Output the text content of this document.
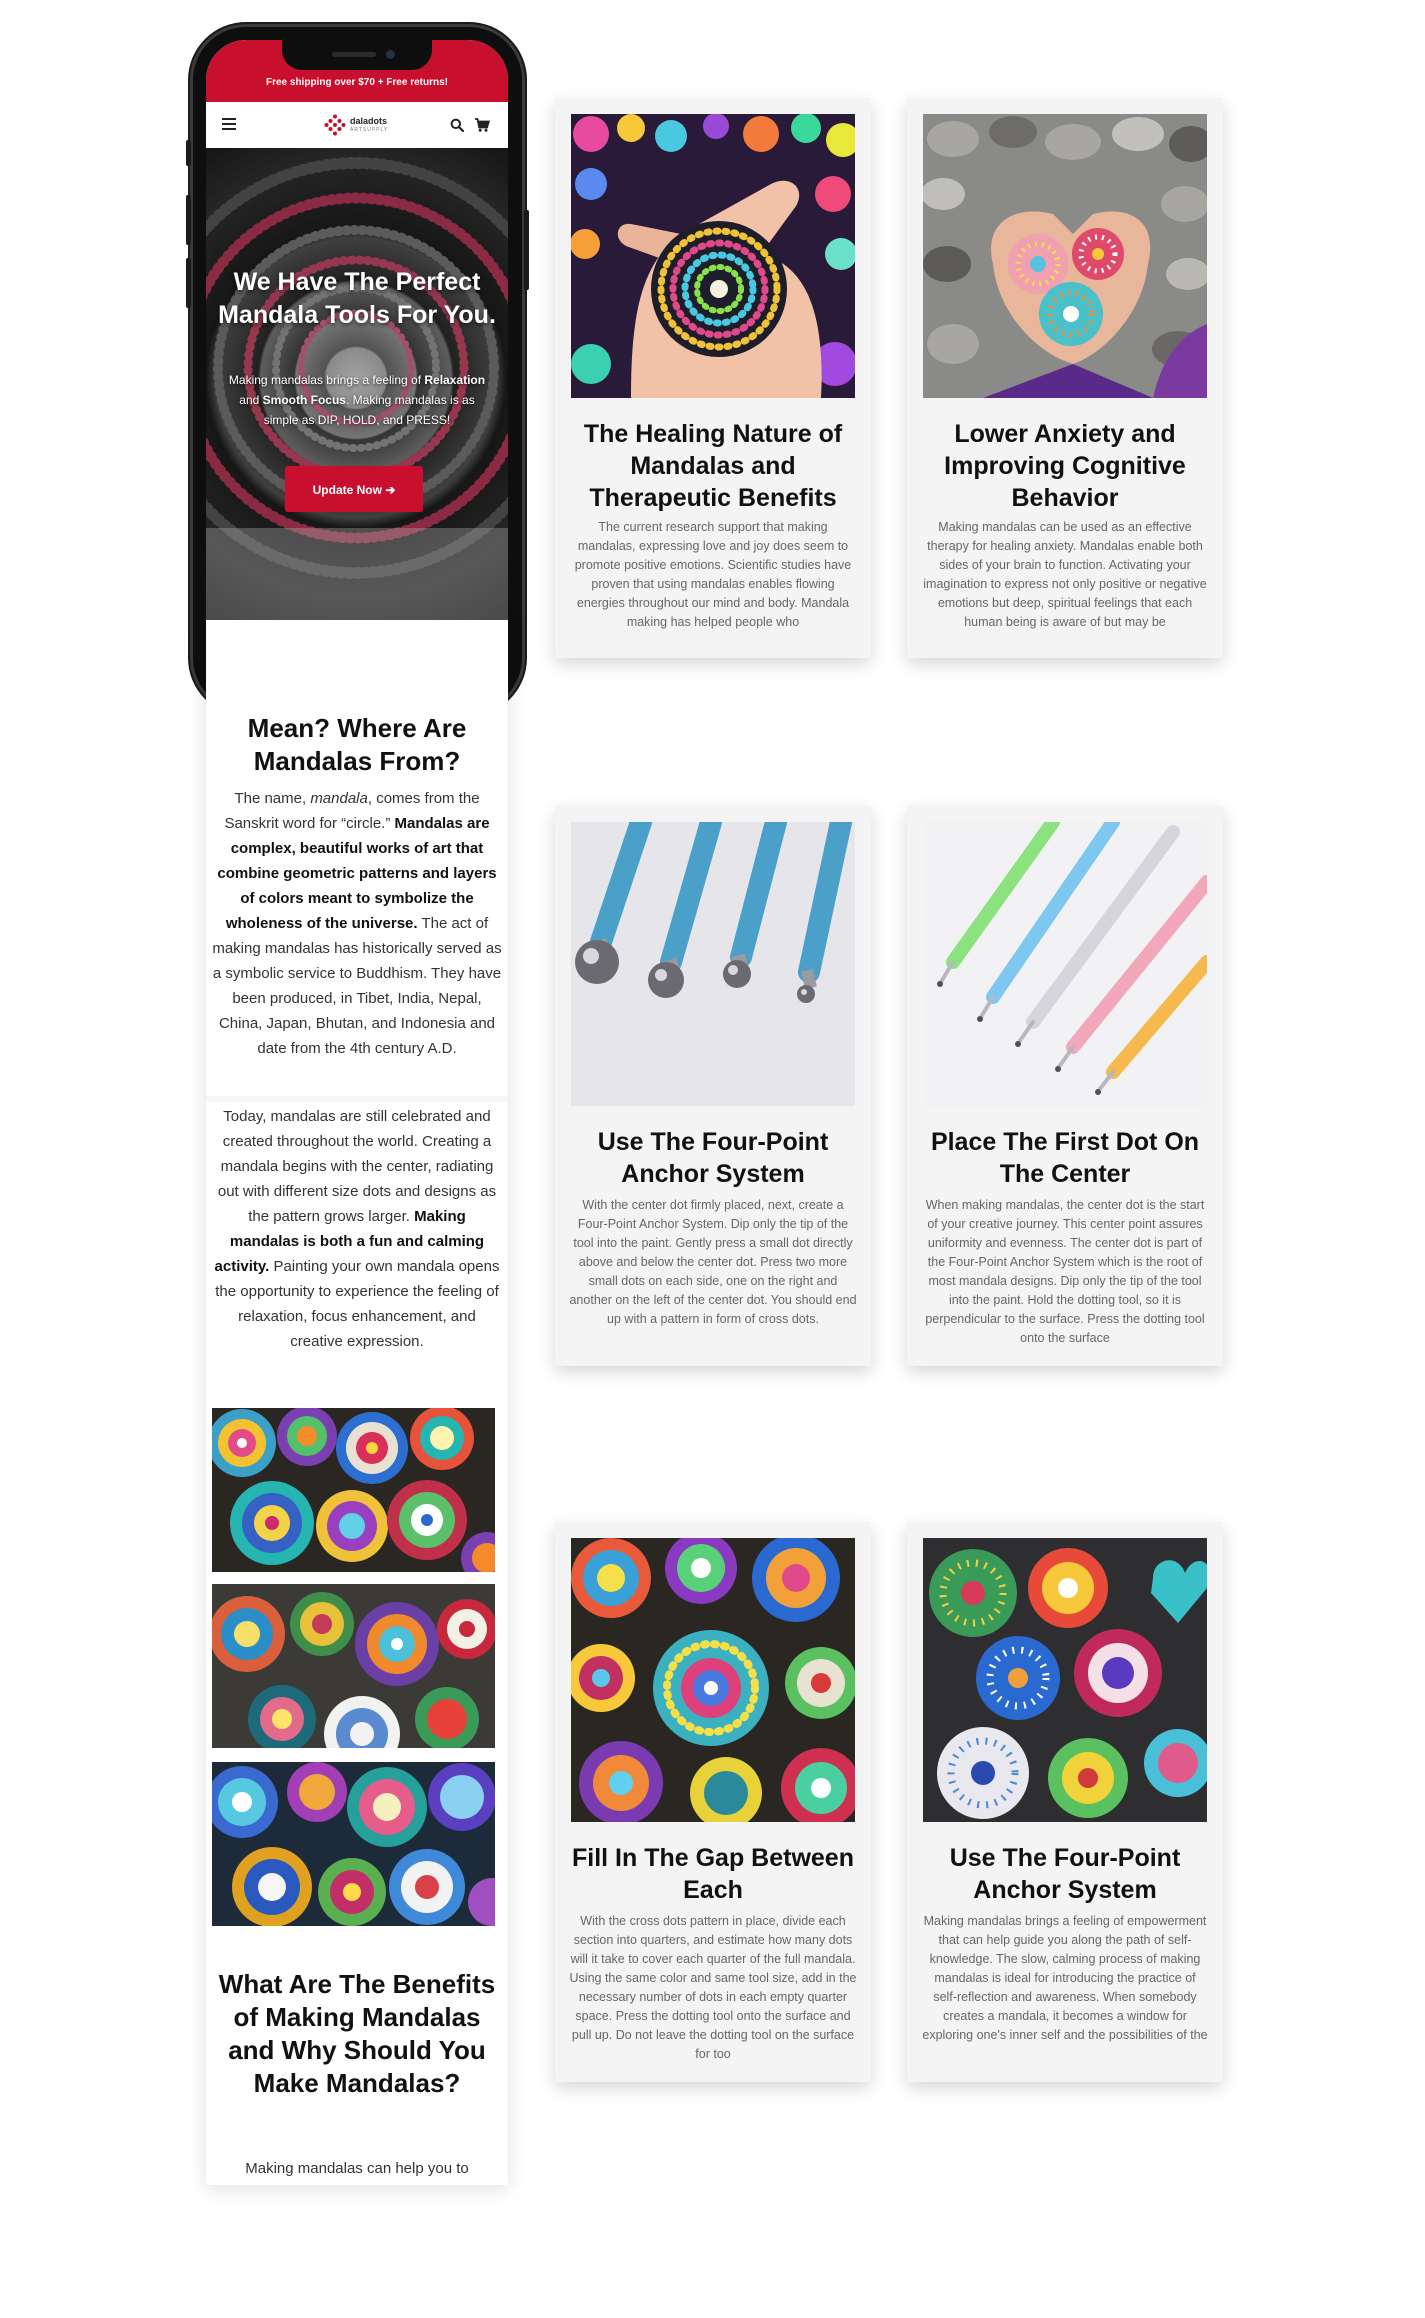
Mean? Where Are Mandalas From?
The name, mandala, comes from the Sanskrit word for “circle.” Mandalas are complex, beautiful works of art that combine geometric patterns and layers of colors meant to symbolize the wholeness of the universe. The act of making mandalas has historically served as a symbolic service to Buddhism. They have been produced, in Tibet, India, Nepal, China, Japan, Bhutan, and Indonesia and date from the 4th century A.D.
Today, mandalas are still celebrated and created throughout the world. Creating a mandala begins with the center, radiating out with different size dots and designs as the pattern grows larger. Making mandalas is both a fun and calming activity. Painting your own mandala opens the opportunity to experience the feeling of relaxation, focus enhancement, and creative expression.
What Are The Benefits of Making Mandalas and Why Should You Make Mandalas?
Making mandalas can help you to
Free shipping over $70 + Free returns!
daladots
ARTSUPPLY
We Have The Perfect Mandala Tools For You.
Making mandalas brings a feeling of Relaxation and Smooth Focus. Making mandalas is as simple as DIP, HOLD, and PRESS!
Update Now ➔
The Healing Nature of Mandalas and Therapeutic Benefits
The current research support that making mandalas, expressing love and joy does seem to promote positive emotions. Scientific studies have proven that using mandalas enables flowing energies throughout our mind and body. Mandala making has helped people who
Lower Anxiety and Improving Cognitive Behavior
Making mandalas can be used as an effective therapy for healing anxiety. Mandalas enable both sides of your brain to function. Activating your imagination to express not only positive or negative emotions but deep, spiritual feelings that each human being is aware of but may be
Use The Four-Point Anchor System
With the center dot firmly placed, next, create a Four-Point Anchor System. Dip only the tip of the tool into the paint. Gently press a small dot directly above and below the center dot. Press two more small dots on each side, one on the right and another on the left of the center dot. You should end up with a pattern in form of cross dots.
Place The First Dot On The Center
When making mandalas, the center dot is the start of your creative journey. This center point assures uniformity and evenness. The center dot is part of the Four-Point Anchor System which is the root of most mandala designs. Dip only the tip of the tool into the paint. Hold the dotting tool, so it is perpendicular to the surface. Press the dotting tool onto the surface
Fill In The Gap Between Each
With the cross dots pattern in place, divide each section into quarters, and estimate how many dots will it take to cover each quarter of the full mandala. Using the same color and same tool size, add in the necessary number of dots in each empty quarter space. Press the dotting tool onto the surface and pull up. Do not leave the dotting tool on the surface for too
Use The Four-Point Anchor System
Making mandalas brings a feeling of empowerment that can help guide you along the path of self-knowledge. The slow, calming process of making mandalas is ideal for introducing the practice of self-reflection and awareness. When somebody creates a mandala, it becomes a window for exploring one's inner self and the possibilities of the
